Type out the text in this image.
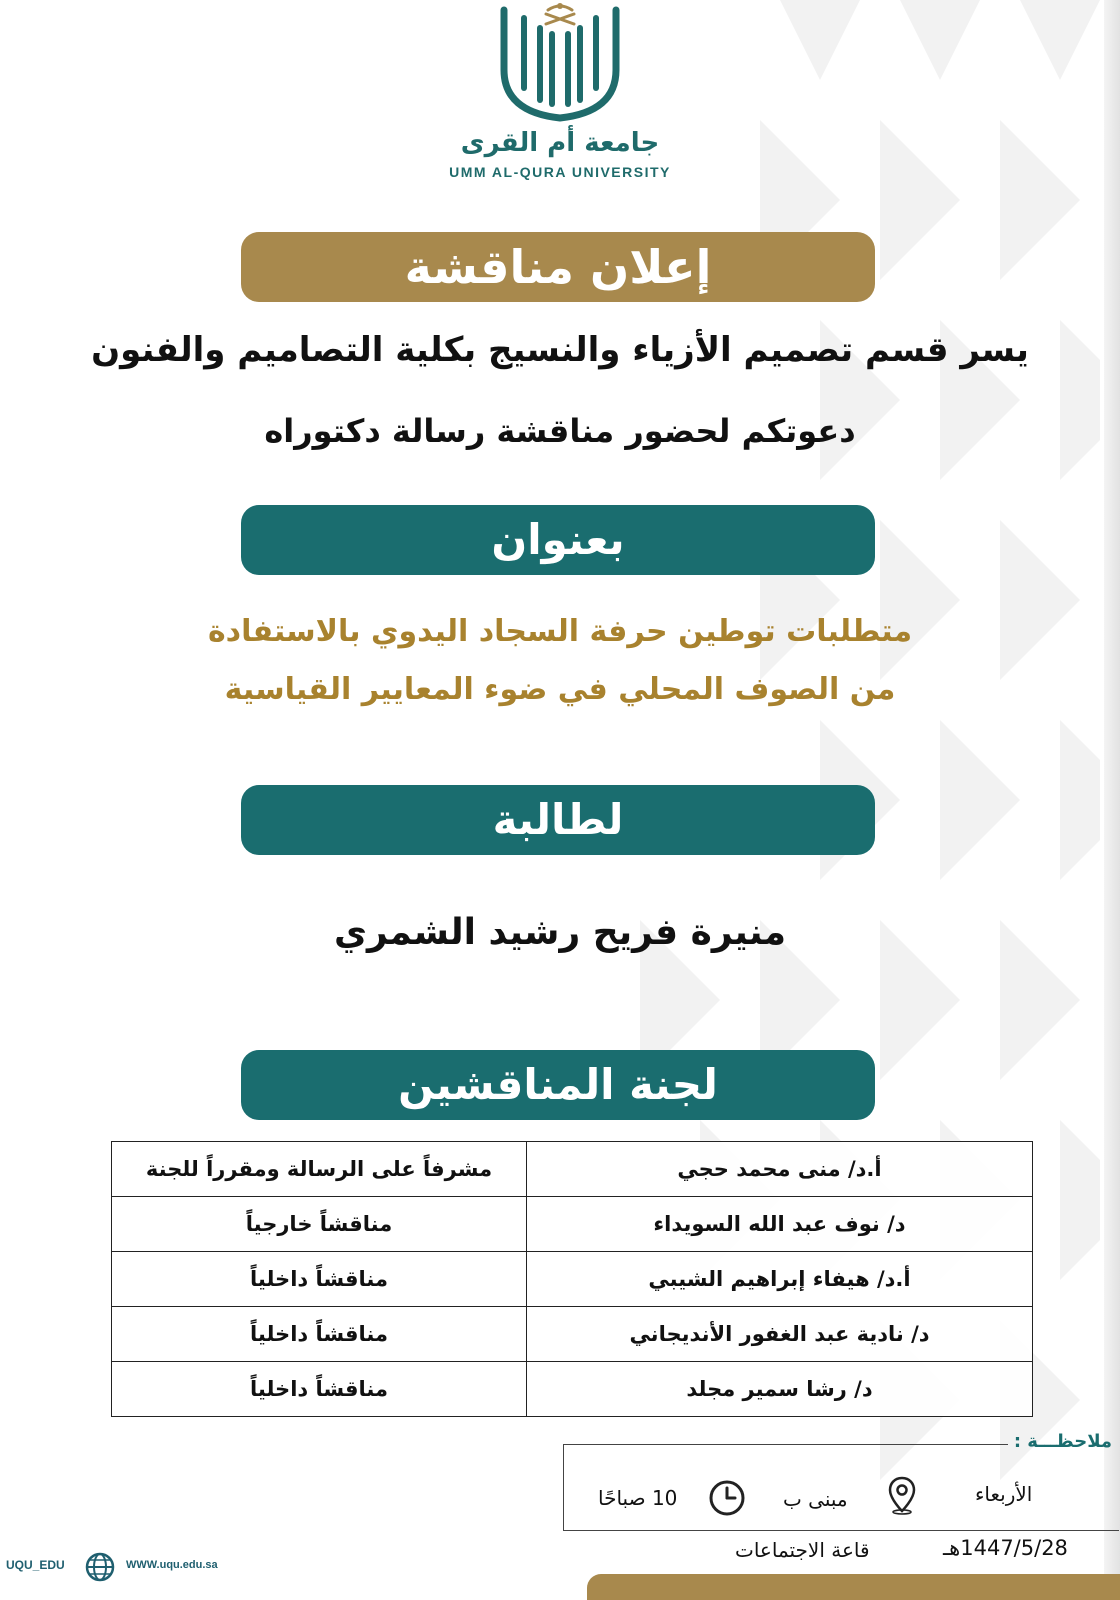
جامعة أم القرى
UMM AL-QURA UNIVERSITY
إعلان مناقشة
يسر قسم تصميم الأزياء والنسيج بكلية التصاميم والفنون
دعوتكم لحضور مناقشة رسالة دكتوراه
بعنوان
متطلبات توطين حرفة السجاد اليدوي بالاستفادة
من الصوف المحلي في ضوء المعايير القياسية
لطالبة
منيرة فريح رشيد الشمري
لجنة المناقشين
أ.د/ منى محمد حجي	مشرفاً على الرسالة ومقرراً للجنة
د/ نوف عبد الله السويداء	مناقشاً خارجياً
أ.د/ هيفاء إبراهيم الشيبي	مناقشاً داخلياً
د/ نادية عبد الغفور الأنديجاني	مناقشاً داخلياً
د/ رشا سمير مجلد	مناقشاً داخلياً
ملاحظـــة :
الأربعاء
مبنى ب
10 صباحًا
1447/5/28هـ
قاعة الاجتماعات
UQU_EDU	WWW.uqu.edu.sa
